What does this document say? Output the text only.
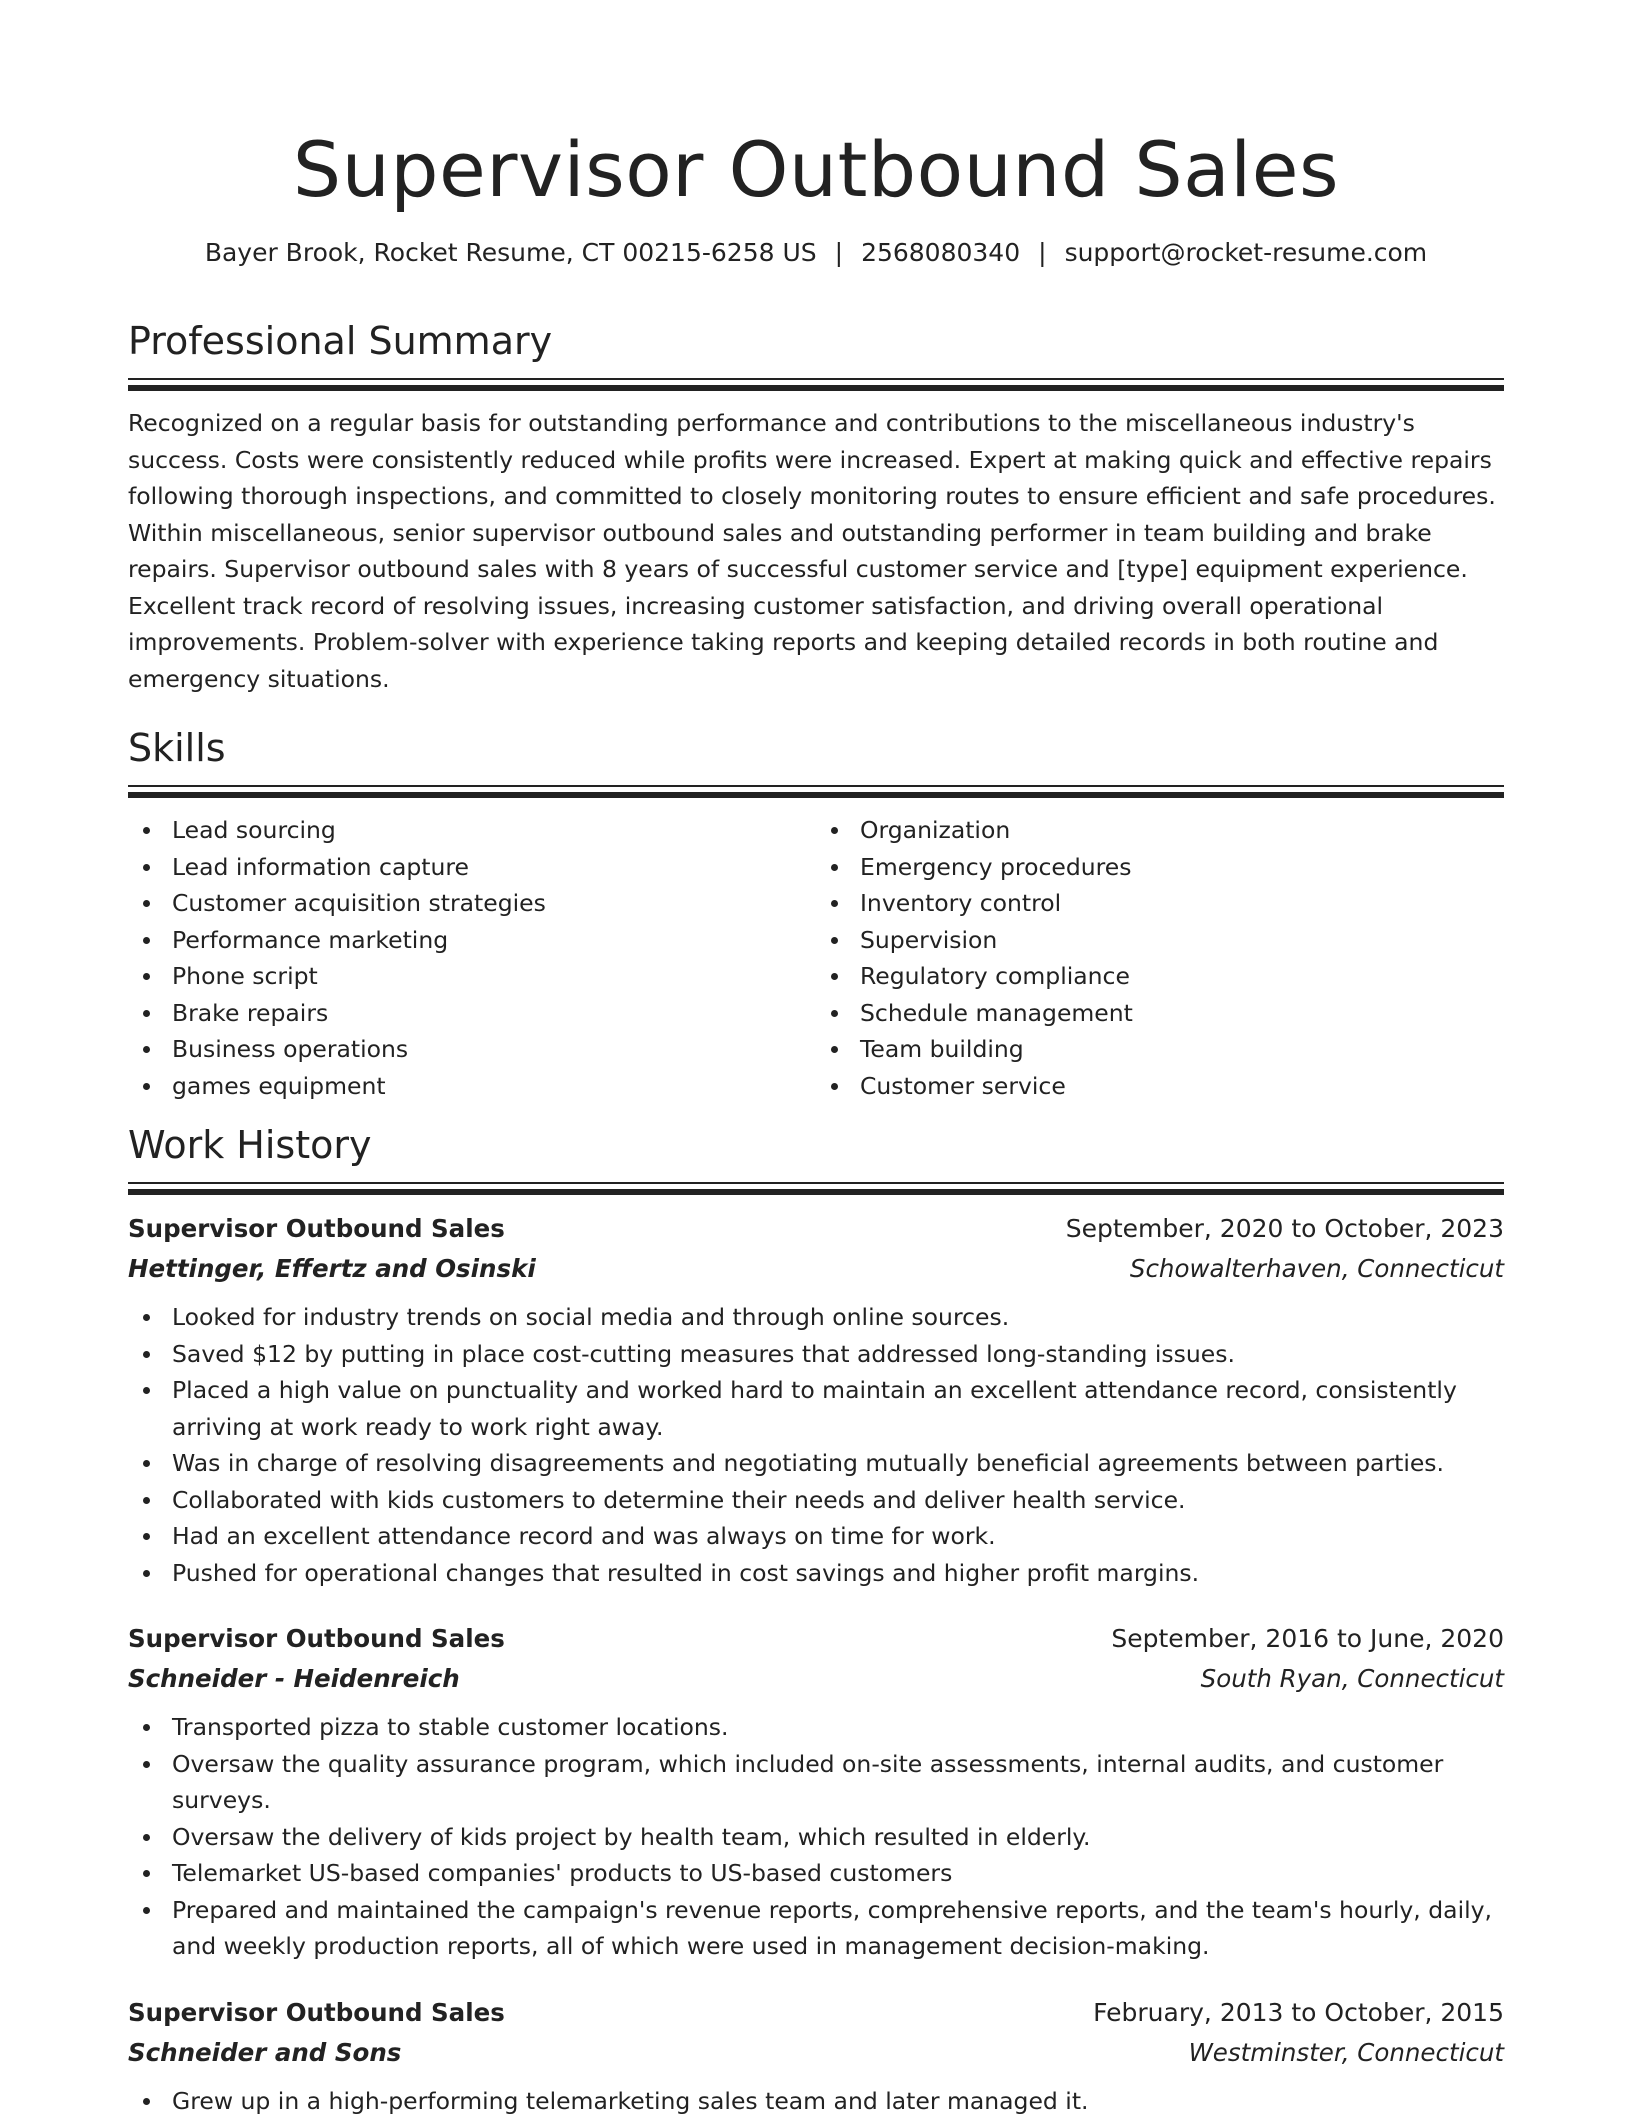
Supervisor Outbound Sales
Bayer Brook, Rocket Resume, CT 00215-6258 US | 2568080340 | support@rocket-resume.com
Professional Summary

Recognized on a regular basis for outstanding performance and contributions to the miscellaneous industry's success. Costs were consistently reduced while profits were increased. Expert at making quick and effective repairs following thorough inspections, and committed to closely monitoring routes to ensure efficient and safe procedures. Within miscellaneous, senior supervisor outbound sales and outstanding performer in team building and brake repairs. Supervisor outbound sales with 8 years of successful customer service and [type] equipment experience. Excellent track record of resolving issues, increasing customer satisfaction, and driving overall operational improvements. Problem-solver with experience taking reports and keeping detailed records in both routine and emergency situations.

Skills
Lead sourcing
Lead information capture
Customer acquisition strategies
Performance marketing
Phone script
Brake repairs
Business operations
games equipment
Organization
Emergency procedures
Inventory control
Supervision
Regulatory compliance
Schedule management
Team building
Customer service
Work History
Supervisor Outbound Sales	September, 2020 to October, 2023
Hettinger, Effertz and Osinski	Schowalterhaven, Connecticut
Looked for industry trends on social media and through online sources.
Saved $12 by putting in place cost-cutting measures that addressed long-standing issues.
Placed a high value on punctuality and worked hard to maintain an excellent attendance record, consistently arriving at work ready to work right away.
Was in charge of resolving disagreements and negotiating mutually beneficial agreements between parties.
Collaborated with kids customers to determine their needs and deliver health service.
Had an excellent attendance record and was always on time for work.
Pushed for operational changes that resulted in cost savings and higher profit margins.
Supervisor Outbound Sales	September, 2016 to June, 2020
Schneider - Heidenreich	South Ryan, Connecticut
Transported pizza to stable customer locations.
Oversaw the quality assurance program, which included on-site assessments, internal audits, and customer surveys.
Oversaw the delivery of kids project by health team, which resulted in elderly.
Telemarket US-based companies' products to US-based customers
Prepared and maintained the campaign's revenue reports, comprehensive reports, and the team's hourly, daily, and weekly production reports, all of which were used in management decision-making.
Supervisor Outbound Sales	February, 2013 to October, 2015
Schneider and Sons	Westminster, Connecticut
Grew up in a high-performing telemarketing sales team and later managed it.
